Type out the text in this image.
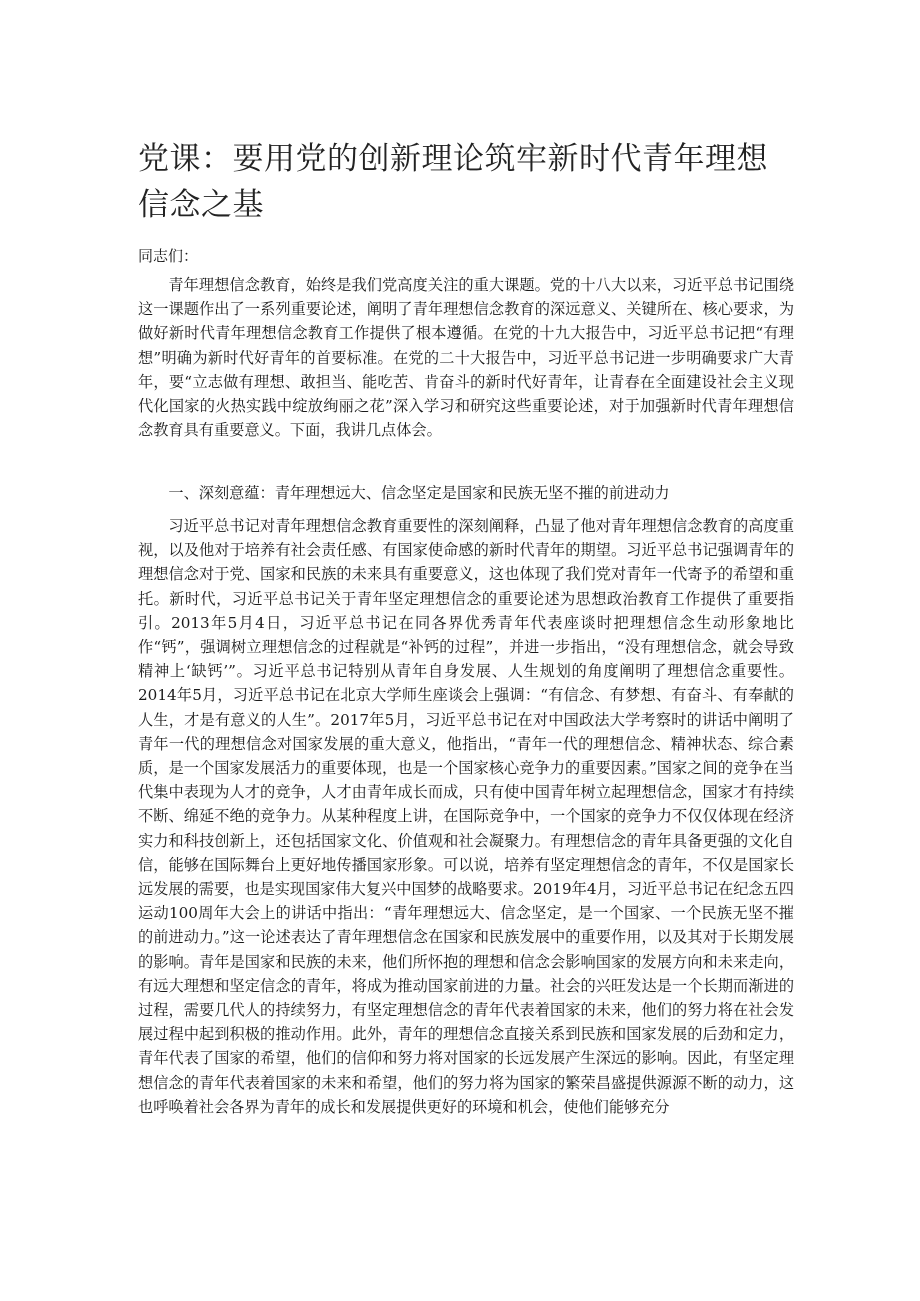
党课：要用党的创新理论筑牢新时代青年理想信念之基

同志们：

青年理想信念教育，始终是我们党高度关注的重大课题。党的十八大以来，习近平总书记围绕这一课题作出了一系列重要论述，阐明了青年理想信念教育的深远意义、关键所在、核心要求，为做好新时代青年理想信念教育工作提供了根本遵循。在党的十九大报告中，习近平总书记把“有理想”明确为新时代好青年的首要标准。在党的二十大报告中，习近平总书记进一步明确要求广大青年，要“立志做有理想、敢担当、能吃苦、肯奋斗的新时代好青年，让青春在全面建设社会主义现代化国家的火热实践中绽放绚丽之花”深入学习和研究这些重要论述，对于加强新时代青年理想信念教育具有重要意义。下面，我讲几点体会。

一、深刻意蕴：青年理想远大、信念坚定是国家和民族无坚不摧的前进动力

习近平总书记对青年理想信念教育重要性的深刻阐释，凸显了他对青年理想信念教育的高度重视，以及他对于培养有社会责任感、有国家使命感的新时代青年的期望。习近平总书记强调青年的理想信念对于党、国家和民族的未来具有重要意义，这也体现了我们党对青年一代寄予的希望和重托。新时代，习近平总书记关于青年坚定理想信念的重要论述为思想政治教育工作提供了重要指引。2013年5月4日，习近平总书记在同各界优秀青年代表座谈时把理想信念生动形象地比作“钙”，强调树立理想信念的过程就是“补钙的过程”，并进一步指出，“没有理想信念，就会导致精神上‘缺钙’”。习近平总书记特别从青年自身发展、人生规划的角度阐明了理想信念重要性。2014年5月，习近平总书记在北京大学师生座谈会上强调：“有信念、有梦想、有奋斗、有奉献的人生，才是有意义的人生”。2017年5月，习近平总书记在对中国政法大学考察时的讲话中阐明了青年一代的理想信念对国家发展的重大意义，他指出，“青年一代的理想信念、精神状态、综合素质，是一个国家发展活力的重要体现，也是一个国家核心竞争力的重要因素。”国家之间的竞争在当代集中表现为人才的竞争，人才由青年成长而成，只有使中国青年树立起理想信念，国家才有持续不断、绵延不绝的竞争力。从某种程度上讲，在国际竞争中，一个国家的竞争力不仅仅体现在经济实力和科技创新上，还包括国家文化、价值观和社会凝聚力。有理想信念的青年具备更强的文化自信，能够在国际舞台上更好地传播国家形象。可以说，培养有坚定理想信念的青年，不仅是国家长远发展的需要，也是实现国家伟大复兴中国梦的战略要求。2019年4月，习近平总书记在纪念五四运动100周年大会上的讲话中指出：“青年理想远大、信念坚定，是一个国家、一个民族无坚不摧的前进动力。”这一论述表达了青年理想信念在国家和民族发展中的重要作用，以及其对于长期发展的影响。青年是国家和民族的未来，他们所怀抱的理想和信念会影响国家的发展方向和未来走向，有远大理想和坚定信念的青年，将成为推动国家前进的力量。社会的兴旺发达是一个长期而渐进的过程，需要几代人的持续努力，有坚定理想信念的青年代表着国家的未来，他们的努力将在社会发展过程中起到积极的推动作用。此外，青年的理想信念直接关系到民族和国家发展的后劲和定力，青年代表了国家的希望，他们的信仰和努力将对国家的长远发展产生深远的影响。因此，有坚定理想信念的青年代表着国家的未来和希望，他们的努力将为国家的繁荣昌盛提供源源不断的动力，这也呼唤着社会各界为青年的成长和发展提供更好的环境和机会，使他们能够充分
